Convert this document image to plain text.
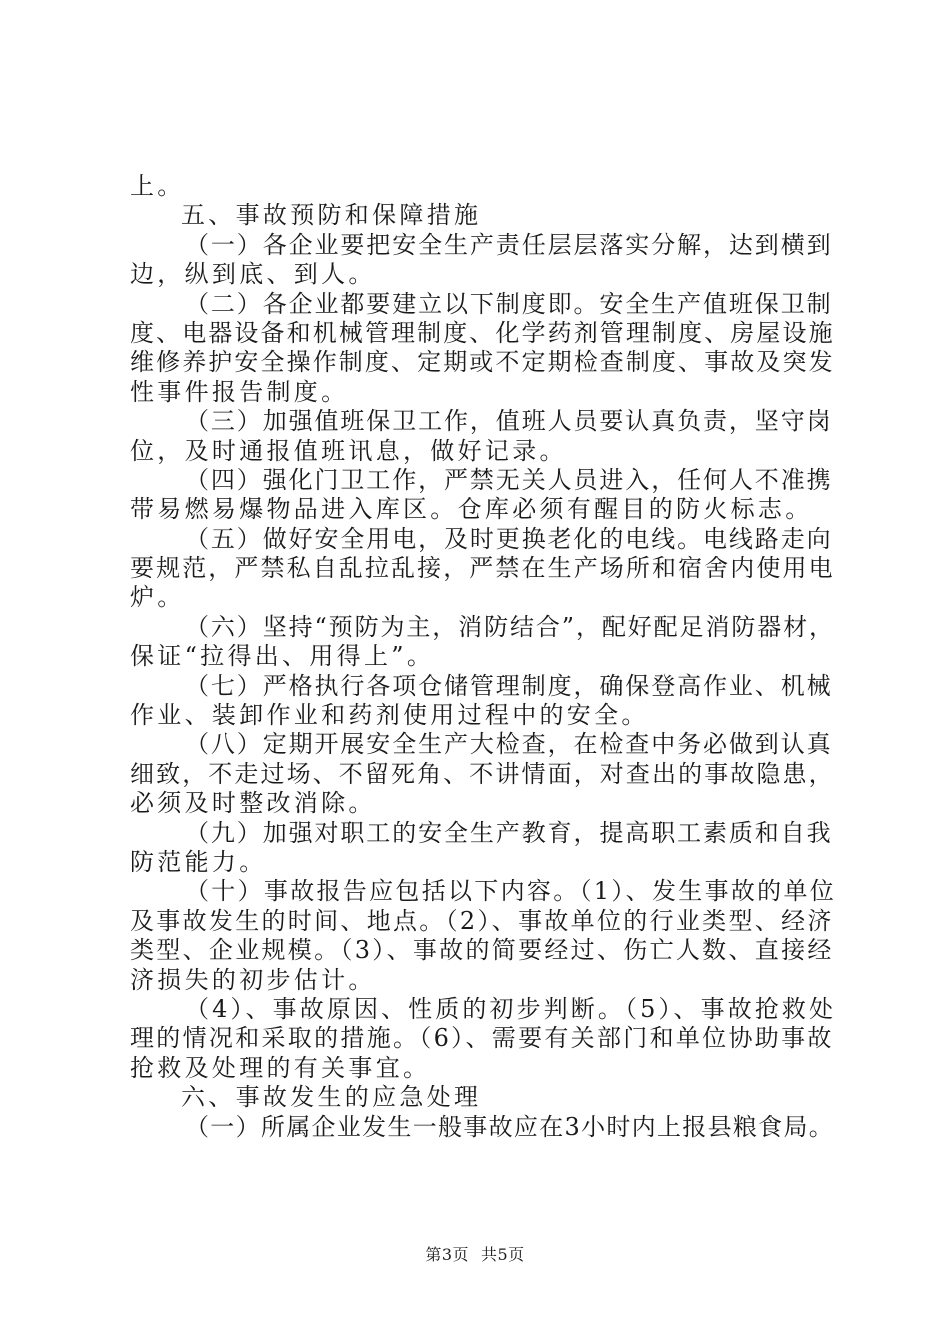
上。
五、事故预防和保障措施
（一）各企业要把安全生产责任层层落实分解，达到横到
边，纵到底、到人。
（二）各企业都要建立以下制度即。安全生产值班保卫制
度、电器设备和机械管理制度、化学药剂管理制度、房屋设施
维修养护安全操作制度、定期或不定期检查制度、事故及突发
性事件报告制度。
（三）加强值班保卫工作，值班人员要认真负责，坚守岗
位，及时通报值班讯息，做好记录。
（四）强化门卫工作，严禁无关人员进入，任何人不准携
带易燃易爆物品进入库区。仓库必须有醒目的防火标志。
（五）做好安全用电，及时更换老化的电线。电线路走向
要规范，严禁私自乱拉乱接，严禁在生产场所和宿舍内使用电
炉。
（六）坚持“预防为主，消防结合”，配好配足消防器材，
保证“拉得出、用得上”。
（七）严格执行各项仓储管理制度，确保登高作业、机械
作业、装卸作业和药剂使用过程中的安全。
（八）定期开展安全生产大检查，在检查中务必做到认真
细致，不走过场、不留死角、不讲情面，对查出的事故隐患，
必须及时整改消除。
（九）加强对职工的安全生产教育，提高职工素质和自我
防范能力。
（十）事故报告应包括以下内容。（1）、发生事故的单位
及事故发生的时间、地点。（2）、事故单位的行业类型、经济
类型、企业规模。（3）、事故的简要经过、伤亡人数、直接经
济损失的初步估计。
（4）、事故原因、性质的初步判断。（5）、事故抢救处
理的情况和采取的措施。（6）、需要有关部门和单位协助事故
抢救及处理的有关事宜。
六、事故发生的应急处理
（一）所属企业发生一般事故应在3小时内上报县粮食局。
第3页 共5页
